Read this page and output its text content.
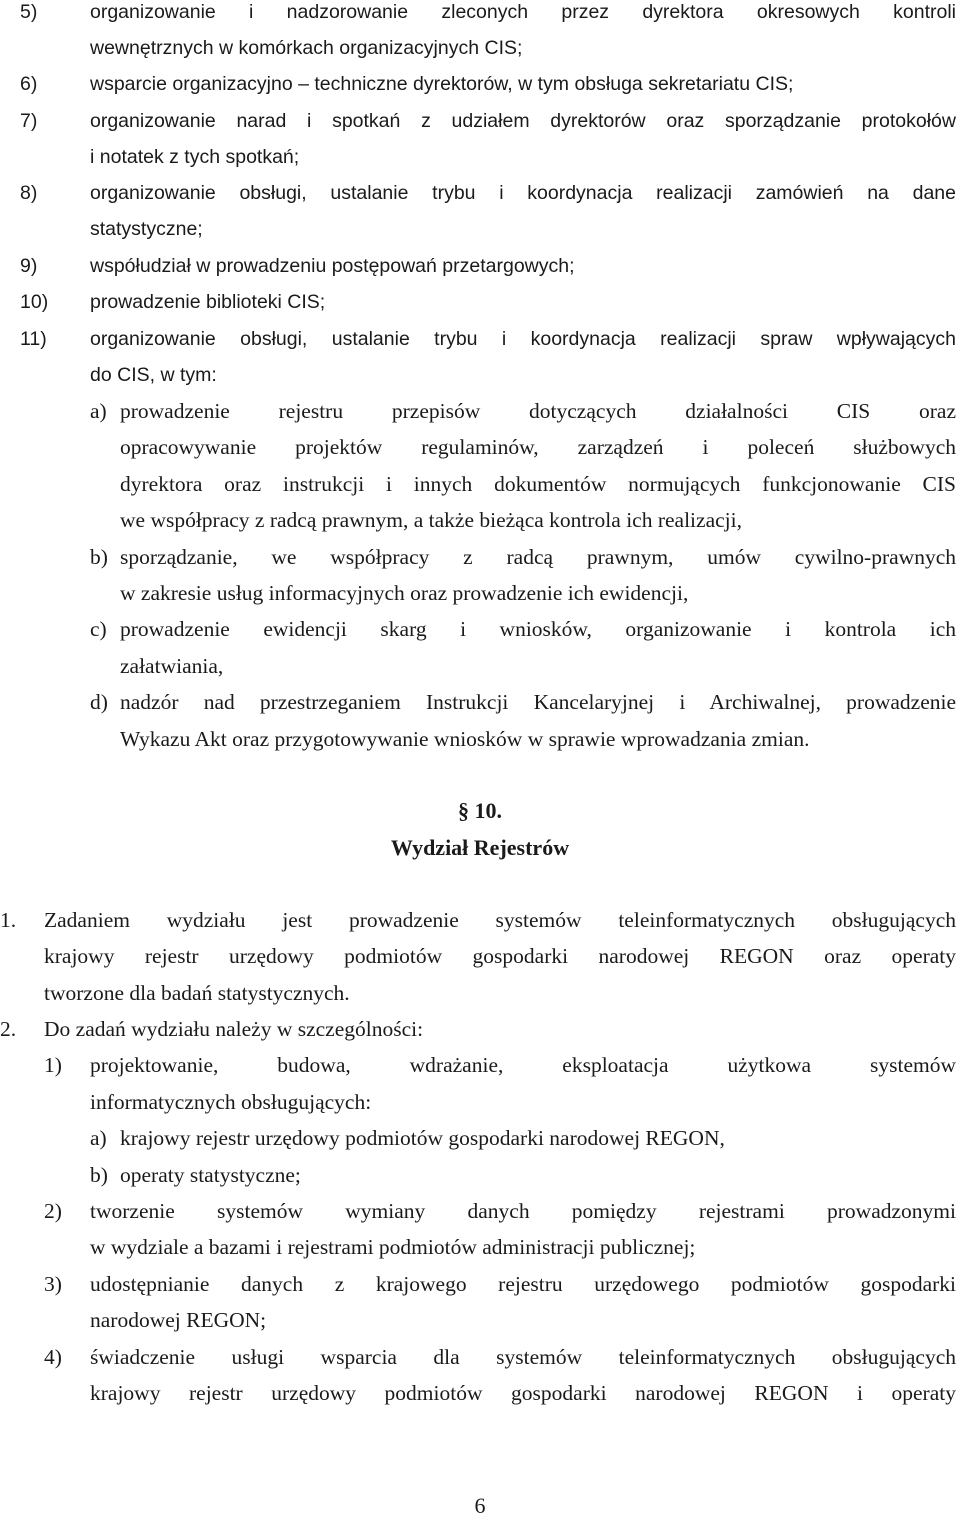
5)	organizowanie i nadzorowanie zleconych przez dyrektora okresowych kontroli
wewnętrznych w komórkach organizacyjnych CIS;
6)	wsparcie organizacyjno – techniczne dyrektorów, w tym obsługa sekretariatu CIS;
7)	organizowanie narad i spotkań z udziałem dyrektorów oraz sporządzanie protokołów
i notatek z tych spotkań;
8)	organizowanie obsługi, ustalanie trybu i koordynacja realizacji zamówień na dane
statystyczne;
9)	współudział w prowadzeniu postępowań przetargowych;
10) prowadzenie biblioteki CIS;
11) organizowanie obsługi, ustalanie trybu i koordynacja realizacji spraw wpływających
do CIS, w tym:
a) prowadzenie rejestru przepisów dotyczących działalności CIS oraz
opracowywanie projektów regulaminów, zarządzeń i poleceń służbowych
dyrektora oraz instrukcji i innych dokumentów normujących funkcjonowanie CIS
we współpracy z radcą prawnym, a także bieżąca kontrola ich realizacji,
b) sporządzanie, we współpracy z radcą prawnym, umów cywilno-prawnych
w zakresie usług informacyjnych oraz prowadzenie ich ewidencji,
c) prowadzenie ewidencji skarg i wniosków, organizowanie i kontrola ich
załatwiania,
d) nadzór nad przestrzeganiem Instrukcji Kancelaryjnej i Archiwalnej, prowadzenie
Wykazu Akt oraz przygotowywanie wniosków w sprawie wprowadzania zmian.
§ 10.
Wydział Rejestrów
1. Zadaniem wydziału jest prowadzenie systemów teleinformatycznych obsługujących
krajowy rejestr urzędowy podmiotów gospodarki narodowej REGON oraz operaty
tworzone dla badań statystycznych.
2. Do zadań wydziału należy w szczególności:
1) projektowanie, budowa, wdrażanie, eksploatacja użytkowa systemów
informatycznych obsługujących:
a) krajowy rejestr urzędowy podmiotów gospodarki narodowej REGON,
b) operaty statystyczne;
2) tworzenie systemów wymiany danych pomiędzy rejestrami prowadzonymi
w wydziale a bazami i rejestrami podmiotów administracji publicznej;
3) udostępnianie danych z krajowego rejestru urzędowego podmiotów gospodarki
narodowej REGON;
4) świadczenie usługi wsparcia dla systemów teleinformatycznych obsługujących
krajowy rejestr urzędowy podmiotów gospodarki narodowej REGON i operaty
6
